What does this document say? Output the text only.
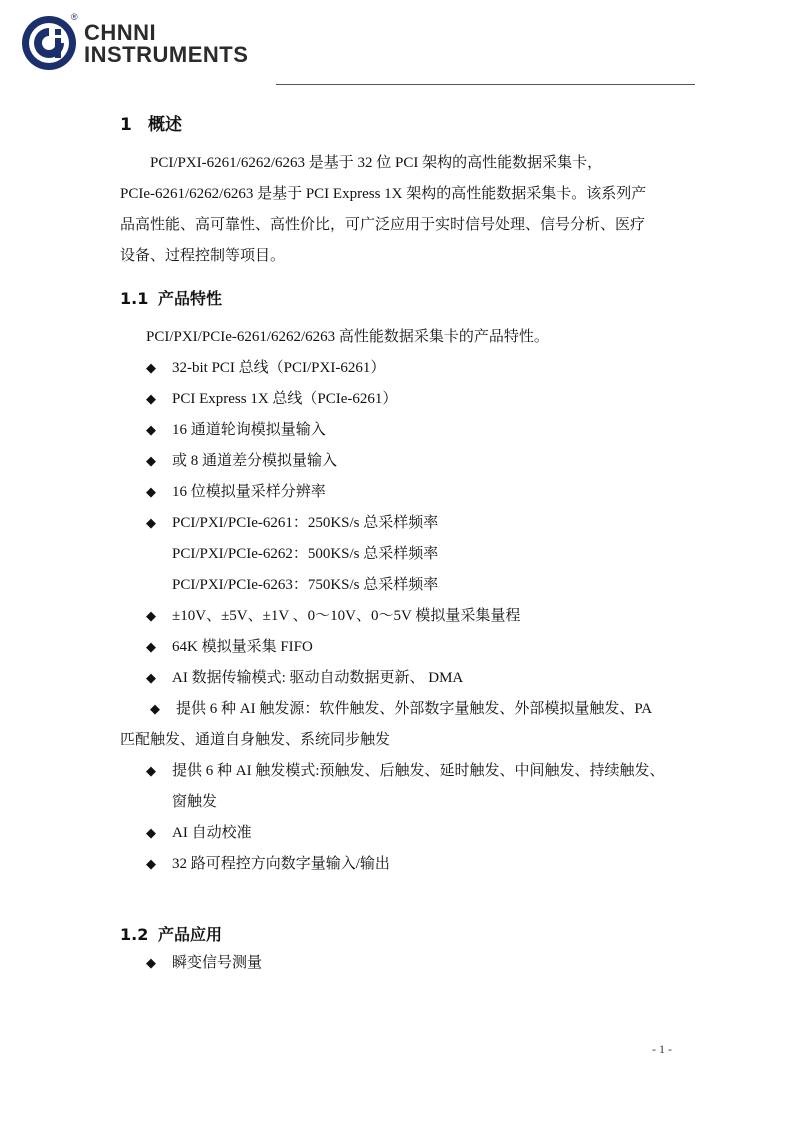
®
CHNNI
INSTRUMENTS
1 概述

PCI/PXI-6261/6262/6263 是基于 32 位 PCI 架构的高性能数据采集卡，
PCIe-6261/6262/6263 是基于 PCI Express 1X 架构的高性能数据采集卡。该系列产
品高性能、高可靠性、高性价比，可广泛应用于实时信号处理、信号分析、医疗
设备、过程控制等项目。

1.1 产品特性
PCI/PXI/PCIe-6261/6262/6263 高性能数据采集卡的产品特性。
◆ 32-bit PCI 总线（PCI/PXI-6261）
◆ PCI Express 1X 总线（PCIe-6261）
◆ 16 通道轮询模拟量输入
◆ 或 8 通道差分模拟量输入
◆ 16 位模拟量采样分辨率
◆ PCI/PXI/PCIe-6261：250KS/s 总采样频率
PCI/PXI/PCIe-6262：500KS/s 总采样频率
PCI/PXI/PCIe-6263：750KS/s 总采样频率
◆ ±10V、±5V、±1V 、0～10V、0～5V 模拟量采集量程
◆ 64K 模拟量采集 FIFO
◆ AI 数据传输模式: 驱动自动数据更新、 DMA
◆	提供 6 种 AI 触发源：软件触发、外部数字量触发、外部模拟量触发、PA
匹配触发、通道自身触发、系统同步触发
◆ 提供 6 种 AI 触发模式:预触发、后触发、延时触发、中间触发、持续触发、
窗触发
◆ AI 自动校准
◆ 32 路可程控方向数字量输入/输出
1.2 产品应用
◆ 瞬变信号测量
- 1 -
